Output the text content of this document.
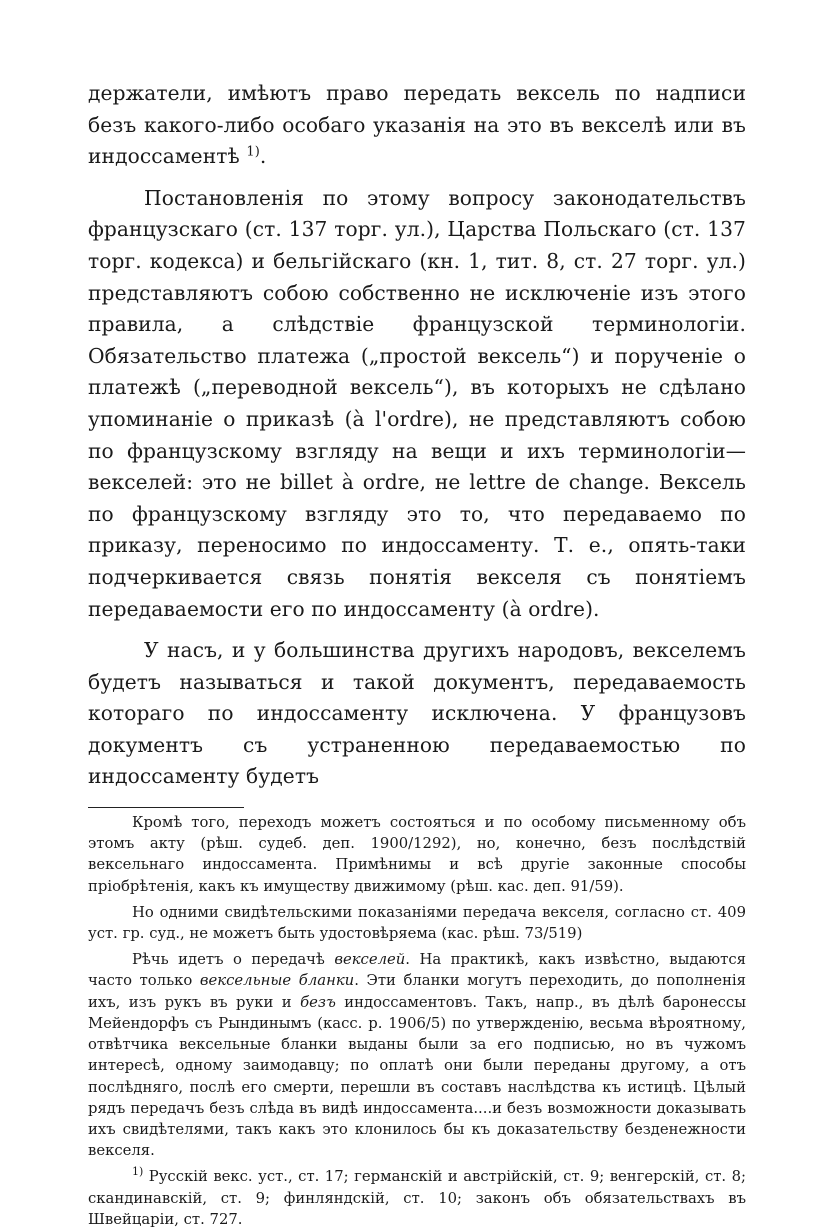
держатели, имѣютъ право передать вексель по надписи безъ какого-либо особаго указанія на это въ векселѣ или въ индоссаментѣ $^{1)}$.

Постановленія по этому вопросу законодательствъ французскаго (ст. 137 торг. ул.), Царства Польскаго (ст. 137 торг. кодекса) и бельгійскаго (кн. 1, тит. 8, ст. 27 торг. ул.) представляютъ собою собственно не исключеніе изъ этого правила, а слѣдствіе французской терминологіи. Обязательство платежа („простой вексель“) и порученіе о платежѣ („переводной вексель“), въ которыхъ не сдѣлано упоминаніе о приказѣ (à l'ordre), не представляютъ собою по французскому взгляду на вещи и ихъ терминологіи—векселей: это не billet à ordre, не lettre de change. Вексель по французскому взгляду это то, что передаваемо по приказу, переносимо по индоссаменту. Т. е., опять-таки подчеркивается связь понятія векселя съ понятіемъ передаваемости его по индоссаменту (à ordre).

У насъ, и у большинства другихъ народовъ, векселемъ будетъ называться и такой документъ, передаваемость котораго по индоссаменту исключена. У французовъ документъ съ устраненною передаваемостью по индоссаменту будетъ

Кромѣ того, переходъ можетъ состояться и по особому письменному объ этомъ акту (рѣш. судеб. деп. 1900/1292), но, конечно, безъ послѣдствій вексельнаго индоссамента. Примѣнимы и всѣ другіе законные способы пріобрѣтенія, какъ къ имуществу движимому (рѣш. кас. деп. 91/59).

Но одними свидѣтельскими показаніями передача векселя, согласно ст. 409 уст. гр. суд., не можетъ быть удостовѣряема (кас. рѣш. 73/519)

Рѣчь идетъ о передачѣ векселей. На практикѣ, какъ извѣстно, выдаются часто только вексельные бланки. Эти бланки могутъ переходить, до пополненія ихъ, изъ рукъ въ руки и безъ индоссаментовъ. Такъ, напр., въ дѣлѣ баронессы Мейендорфъ съ Рындинымъ (касс. р. 1906/5) по утвержденію, весьма вѣроятному, отвѣтчика вексельные бланки выданы были за его подписью, но въ чужомъ интересѣ, одному заимодавцу; по оплатѣ они были переданы другому, а отъ послѣдняго, послѣ его смерти, перешли въ составъ наслѣдства къ истицѣ. Цѣлый рядъ передачъ безъ слѣда въ видѣ индоссамента....и безъ возможности доказывать ихъ свидѣтелями, такъ какъ это клонилось бы къ доказательству безденежности векселя.

$^{1)}$ Русскій векс. уст., ст. 17; германскій и австрійскій, ст. 9; венгерскій, ст. 8; скандинавскій, ст. 9; финляндскій, ст. 10; законъ объ обязательствахъ въ Швейцаріи, ст. 727.
